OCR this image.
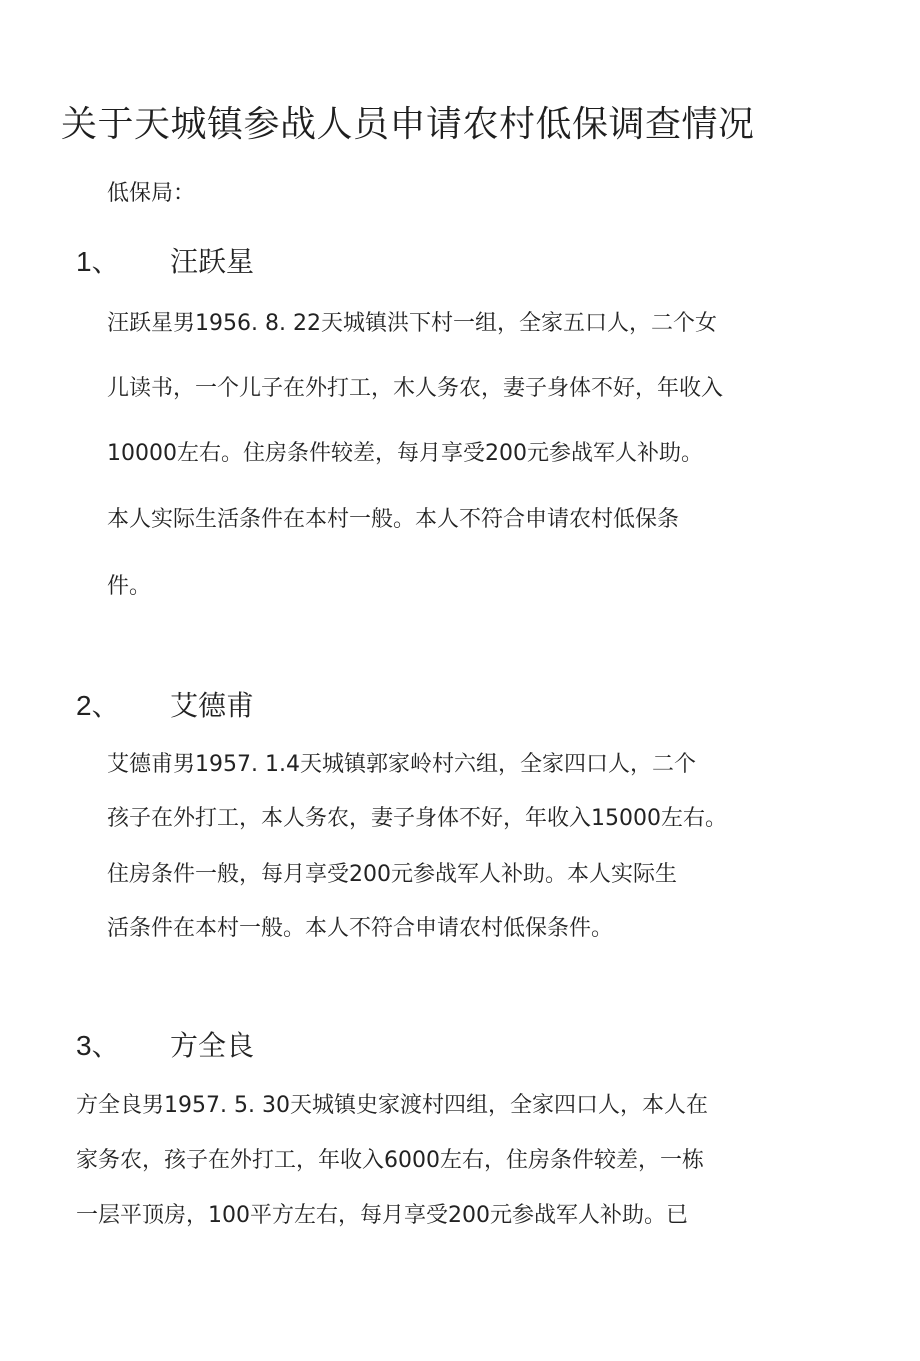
关于天城镇参战人员申请农村低保调查情况
低保局：
1、 汪跃星
汪跃星男1956. 8. 22天城镇洪下村一组，全家五口人，二个女
儿读书，一个儿子在外打工，木人务农，妻子身体不好，年收入
10000左右。住房条件较差，每月享受200元参战军人补助。
本人实际生活条件在本村一般。本人不符合申请农村低保条
件。
2、 艾德甫
艾德甫男1957. 1.4天城镇郭家岭村六组，全家四口人，二个
孩子在外打工，本人务农，妻子身体不好，年收入15000左右。
住房条件一般，每月享受200元参战军人补助。本人实际生
活条件在本村一般。本人不符合申请农村低保条件。
3、 方全良
方全良男1957. 5. 30天城镇史家渡村四组，全家四口人，本人在
家务农，孩子在外打工，年收入6000左右，住房条件较差，一栋
一层平顶房，100平方左右，每月享受200元参战军人补助。已
